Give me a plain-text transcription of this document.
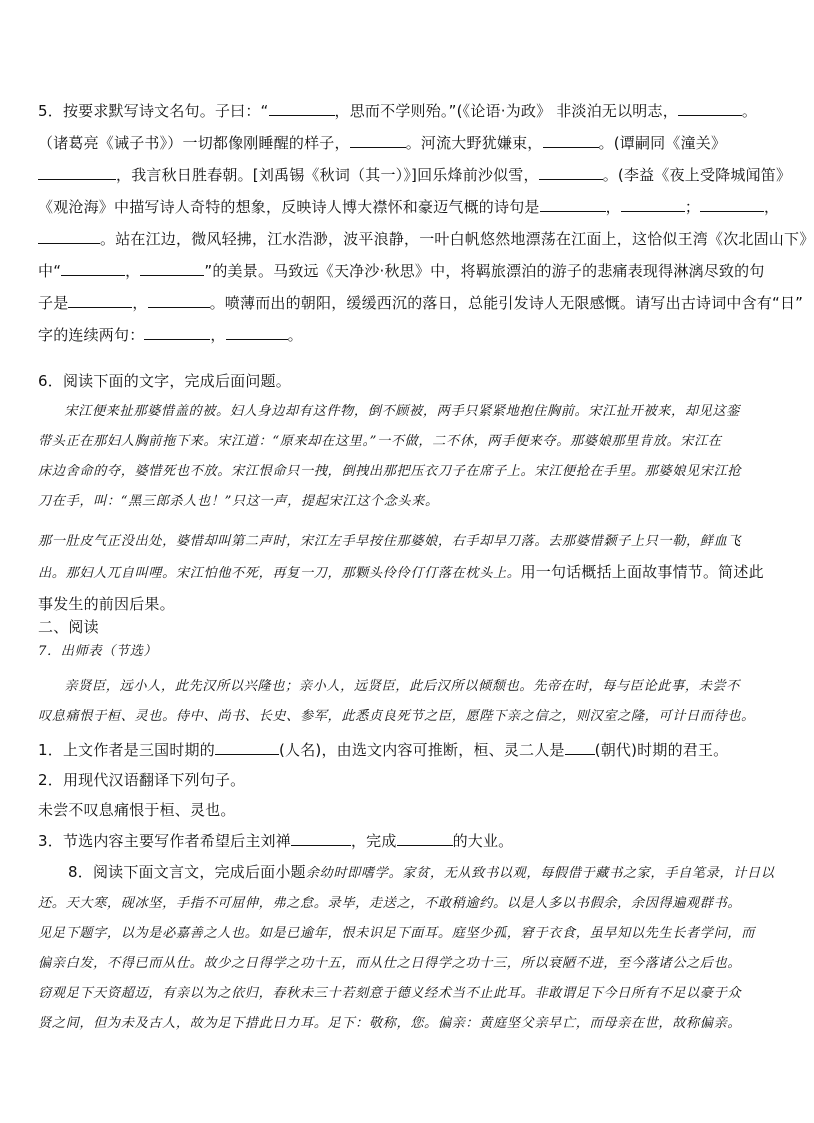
5．按要求默写诗文名句。子曰：“	，思而不学则殆。”(《论语·为政》 非淡泊无以明志，	。
（诸葛亮《诫子书》）一切都像刚睡醒的样子，	。河流大野犹嫌束，	。(谭嗣同《潼关》
，我言秋日胜春朝。[刘禹锡《秋词（其一）》]回乐烽前沙似雪，	。(李益《夜上受降城闻笛》
《观沧海》中描写诗人奇特的想象，反映诗人博大襟怀和豪迈气概的诗句是	，	；	，
。站在江边，微风轻拂，江水浩渺，波平浪静，一叶白帆悠然地漂荡在江面上，这恰似王湾《次北固山下》
中“	，	”的美景。马致远《天净沙·秋思》中，将羁旅漂泊的游子的悲痛表现得淋漓尽致的句
子是	，	。喷薄而出的朝阳，缓缓西沉的落日，总能引发诗人无限感慨。请写出古诗词中含有“日”
字的连续两句：	，	。
6．阅读下面的文字，完成后面问题。
宋江便来扯那婆惜盖的被。妇人身边却有这件物，倒不顾被，两手只紧紧地抱住胸前。宋江扯开被来，却见这銮
带头正在那妇人胸前拖下来。宋江道：“原来却在这里。”一不做，二不休，两手便来夺。那婆娘那里肯放。宋江在
床边舍命的夺，婆惜死也不放。宋江恨命只一拽，倒拽出那把压衣刀子在席子上。宋江便抢在手里。那婆娘见宋江抢
刀在手，叫：“黑三郎杀人也！”只这一声，提起宋江这个念头来。
那一肚皮气正没出处，婆惜却叫第二声时，宋江左手早按住那婆娘，右手却早刀落。去那婆惜颡子上只一勒，鲜血飞
出。那妇人兀自叫哩。宋江怕他不死，再复一刀，那颗头伶伶仃仃落在枕头上。用一句话概括上面故事情节。简述此
事发生的前因后果。
二、阅读
7．出师表（节选）
亲贤臣，远小人，此先汉所以兴隆也；亲小人，远贤臣，此后汉所以倾颓也。先帝在时，每与臣论此事，未尝不
叹息痛恨于桓、灵也。侍中、尚书、长史、参军，此悉贞良死节之臣，愿陛下亲之信之，则汉室之隆，可计日而待也。
1．上文作者是三国时期的	(人名)，由选文内容可推断，桓、灵二人是 (朝代)时期的君王。
2．用现代汉语翻译下列句子。
未尝不叹息痛恨于桓、灵也。
3．节选内容主要写作者希望后主刘禅	，完成	的大业。
8．阅读下面文言文，完成后面小题余幼时即嗜学。家贫，无从致书以观，每假借于藏书之家，手自笔录，计日以
还。天大寒，砚冰坚，手指不可屈伸，弗之怠。录毕，走送之，不敢稍逾约。以是人多以书假余，余因得遍观群书。
见足下题字，以为是必嘉善之人也。如是已逾年，恨未识足下面耳。庭坚少孤，窘于衣食，虽早知以先生长者学问，而
偏亲白发，不得已而从仕。故少之日得学之功十五，而从仕之日得学之功十三，所以衰陋不进，至今落诸公之后也。
窃观足下天资超迈，有亲以为之依归，春秋未三十若刻意于德义经术当不止此耳。非敢谓足下今日所有不足以豪于众
贤之间，但为未及古人，故为足下措此日力耳。足下：敬称，您。偏亲：黄庭坚父亲早亡，而母亲在世，故称偏亲。
